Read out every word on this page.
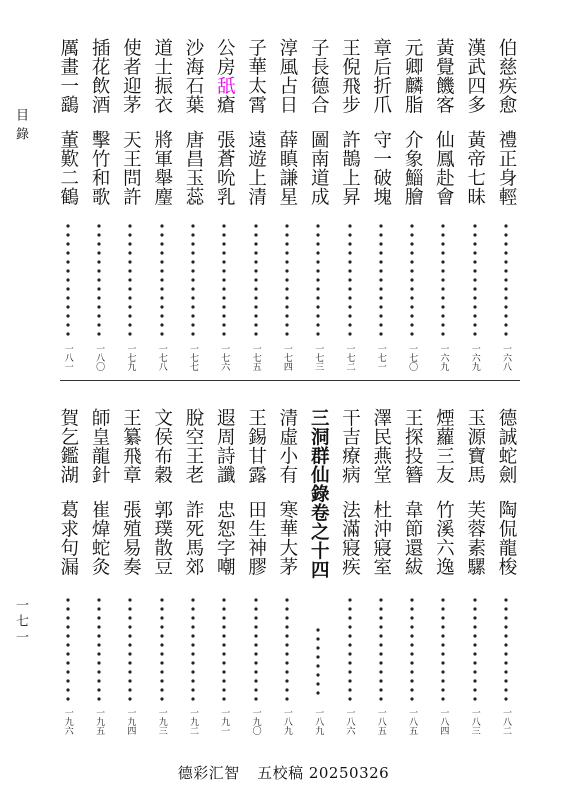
目錄
一七一
伯慈疾愈
禮正身輕
一六八
漢武四多
黃帝七昧
一六九
黃覺饑客
仙鳳赴會
一六九
元卿麟脂
介象鯔膾
一七〇
章后折爪
守一破塊
一七一
王倪飛步
許鵲上昇
一七二
子長德合
圖南道成
一七三
淳風占日
薛瞋謙星
一七四
子華太霄
遠遊上清
一七五
公房舐瘡
張蒼吮乳
一七六
沙海石葉
唐昌玉蕊
一七七
道士振衣
將軍舉麈
一七八
使者迎茅
天王問許
一七九
插花飲酒
擊竹和歌
一八〇
厲畫一鷂
董歎二鶴
一八一
德誠蛇劍
陶侃龍梭
一八二
玉源寶馬
芙蓉素騾
一八三
煙蘿三友
竹溪六逸
一八四
王探投簪
韋節還紱
一八五
澤民燕堂
杜沖寢室
一八五
干吉療病
法滿寢疾
一八六
三洞群仙錄卷之十四
一八九
清虛小有
寒華大茅
一八九
王錫甘露
田生神膠
一九〇
遐周詩讖
忠恕字嘲
一九一
脫空王老
詐死馬郊
一九二
文侯布穀
郭璞散豆
一九三
王纂飛章
張殖易奏
一九四
師皇龍針
崔煒蛇灸
一九五
賀乞鑑湖
葛求句漏
一九六
德彩汇智 五校稿 20250326
